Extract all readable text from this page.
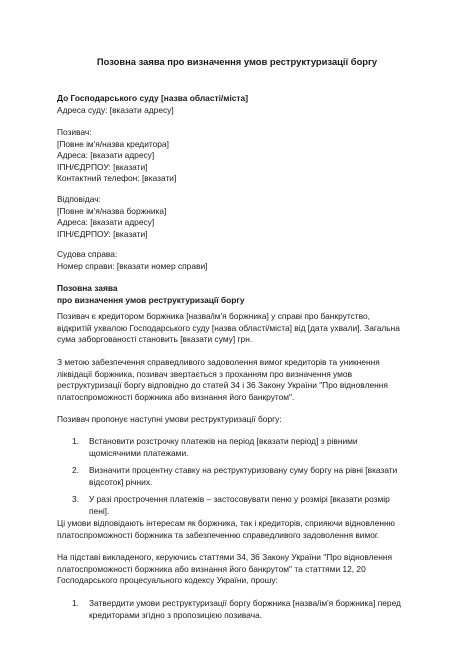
Позовна заява про визначення умов реструктуризації боргу

До Господарського суду [назва області/міста]

Адреса суду: [вказати адресу]

Позивач:

[Повне ім'я/назва кредитора]

Адреса: [вказати адресу]

ІПН/ЄДРПОУ: [вказати]

Контактний телефон: [вказати]

Відповідач:

[Повне ім'я/назва боржника]

Адреса: [вказати адресу]

ІПН/ЄДРПОУ: [вказати]

Судова справа:

Номер справи: [вказати номер справи]

Позовна заява

про визначення умов реструктуризації боргу

Позивач є кредитором боржника [назва/ім'я боржника] у справі про банкрутство,

відкритій ухвалою Господарського суду [назва області/міста] від [дата ухвали]. Загальна

сума заборгованості становить [вказати суму] грн.

З метою забезпечення справедливого задоволення вимог кредиторів та уникнення

ліквідації боржника, позивач звертається з проханням про визначення умов

реструктуризації боргу відповідно до статей 34 і 36 Закону України "Про відновлення

платоспроможності боржника або визнання його банкрутом".

Позивач пропонує наступні умови реструктуризації боргу:

1. Встановити розстрочку платежів на період [вказати період] з рівними

щомісячними платежами.

2. Визначити процентну ставку на реструктуризовану суму боргу на рівні [вказати

відсоток] річних.

3. У разі прострочення платежів – застосовувати пеню у розмірі [вказати розмір

пені].

Ці умови відповідають інтересам як боржника, так і кредиторів, сприяючи відновленню

платоспроможності боржника та забезпеченню справедливого задоволення вимог.

На підставі викладеного, керуючись статтями 34, 36 Закону України "Про відновлення

платоспроможності боржника або визнання його банкрутом" та статтями 12, 20

Господарського процесуального кодексу України, прошу:

1. Затвердити умови реструктуризації боргу боржника [назва/ім'я боржника] перед

кредиторами згідно з пропозицією позивача.
